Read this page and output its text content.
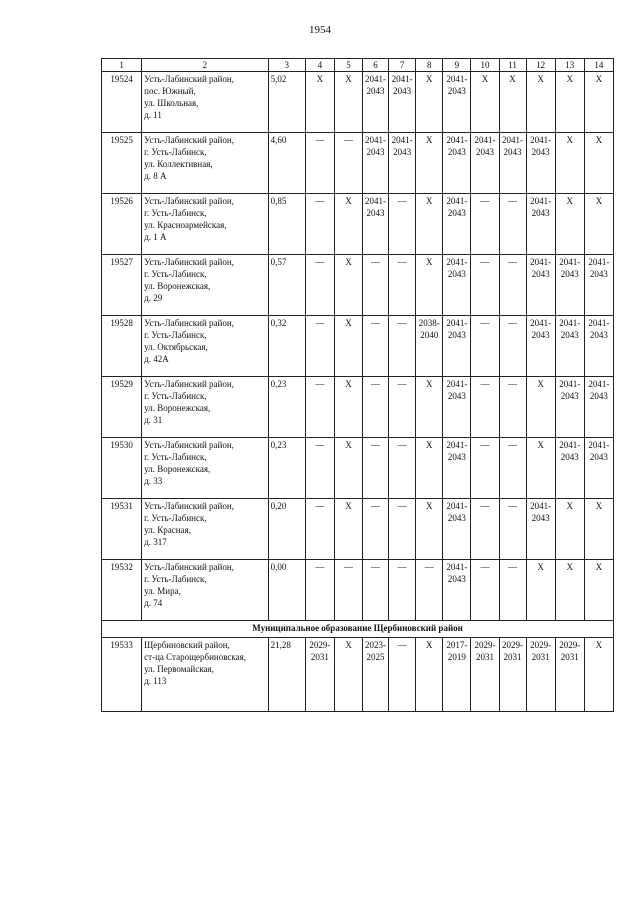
1954
1	2	3	4	5	6	7	8	9	10	11	12	13	14
19524	Усть-Лабинский район,
пос. Южный,
ул. Школьная,
д. 11	5,02	X	X	2041-2043	2041-2043	X	2041-2043	X	X	X	X	X
19525	Усть-Лабинский район,
г. Усть-Лабинск,
ул. Коллективная,
д. 8 А	4,60	—	—	2041-2043	2041-2043	X	2041-2043	2041-2043	2041-2043	2041-2043	X	X
19526	Усть-Лабинский район,
г. Усть-Лабинск,
ул. Красноармейская,
д. 1 А	0,85	—	X	2041-2043	—	X	2041-2043	—	—	2041-2043	X	X
19527	Усть-Лабинский район,
г. Усть-Лабинск,
ул. Воронежская,
д. 29	0,57	—	X	—	—	X	2041-2043	—	—	2041-2043	2041-2043	2041-2043
19528	Усть-Лабинский район,
г. Усть-Лабинск,
ул. Октябрьская,
д. 42А	0,32	—	X	—	—	2038-2040	2041-2043	—	—	2041-2043	2041-2043	2041-2043
19529	Усть-Лабинский район,
г. Усть-Лабинск,
ул. Воронежская,
д. 31	0,23	—	X	—	—	X	2041-2043	—	—	X	2041-2043	2041-2043
19530	Усть-Лабинский район,
г. Усть-Лабинск,
ул. Воронежская,
д. 33	0,23	—	X	—	—	X	2041-2043	—	—	X	2041-2043	2041-2043
19531	Усть-Лабинский район,
г. Усть-Лабинск,
ул. Красная,
д. 317	0,20	—	X	—	—	X	2041-2043	—	—	2041-2043	X	X
19532	Усть-Лабинский район,
г. Усть-Лабинск,
ул. Мира,
д. 74	0,00	—	—	—	—	—	2041-2043	—	—	X	X	X
Муниципальное образование Щербиновский район													
19533	Щербиновский район,
ст-ца Старощербиновская,
ул. Первомайская,
д. 113	21,28	2029-2031	X	2023-2025	—	X	2017-2019	2029-2031	2029-2031	2029-2031	2029-2031	X
